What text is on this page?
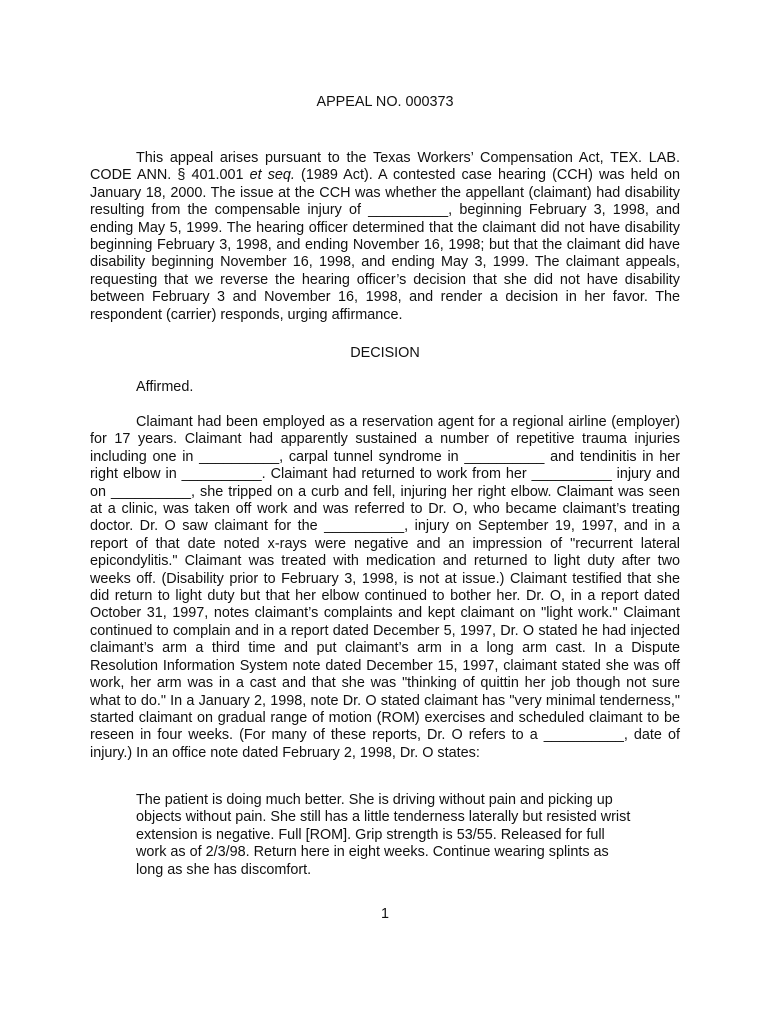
APPEAL NO. 000373

This appeal arises pursuant to the Texas Workers’ Compensation Act, TEX. LAB. CODE ANN. § 401.001 et seq. (1989 Act). A contested case hearing (CCH) was held on January 18, 2000. The issue at the CCH was whether the appellant (claimant) had disability resulting from the compensable injury of __________, beginning February 3, 1998, and ending May 5, 1999. The hearing officer determined that the claimant did not have disability beginning February 3, 1998, and ending November 16, 1998; but that the claimant did have disability beginning November 16, 1998, and ending May 3, 1999. The claimant appeals, requesting that we reverse the hearing officer’s decision that she did not have disability between February 3 and November 16, 1998, and render a decision in her favor. The respondent (carrier) responds, urging affirmance.

DECISION

Affirmed.

Claimant had been employed as a reservation agent for a regional airline (employer) for 17 years. Claimant had apparently sustained a number of repetitive trauma injuries including one in __________, carpal tunnel syndrome in __________ and tendinitis in her right elbow in __________. Claimant had returned to work from her __________ injury and on __________, she tripped on a curb and fell, injuring her right elbow. Claimant was seen at a clinic, was taken off work and was referred to Dr. O, who became claimant’s treating doctor. Dr. O saw claimant for the __________, injury on September 19, 1997, and in a report of that date noted x-rays were negative and an impression of "recurrent lateral epicondylitis." Claimant was treated with medication and returned to light duty after two weeks off. (Disability prior to February 3, 1998, is not at issue.) Claimant testified that she did return to light duty but that her elbow continued to bother her. Dr. O, in a report dated October 31, 1997, notes claimant’s complaints and kept claimant on "light work." Claimant continued to complain and in a report dated December 5, 1997, Dr. O stated he had injected claimant’s arm a third time and put claimant’s arm in a long arm cast. In a Dispute Resolution Information System note dated December 15, 1997, claimant stated she was off work, her arm was in a cast and that she was "thinking of quittin her job though not sure what to do." In a January 2, 1998, note Dr. O stated claimant has "very minimal tenderness," started claimant on gradual range of motion (ROM) exercises and scheduled claimant to be reseen in four weeks. (For many of these reports, Dr. O refers to a __________, date of injury.) In an office note dated February 2, 1998, Dr. O states:

The patient is doing much better. She is driving without pain and picking up objects without pain. She still has a little tenderness laterally but resisted wrist extension is negative. Full [ROM]. Grip strength is 53/55. Released for full work as of 2/3/98. Return here in eight weeks. Continue wearing splints as long as she has discomfort.

1
